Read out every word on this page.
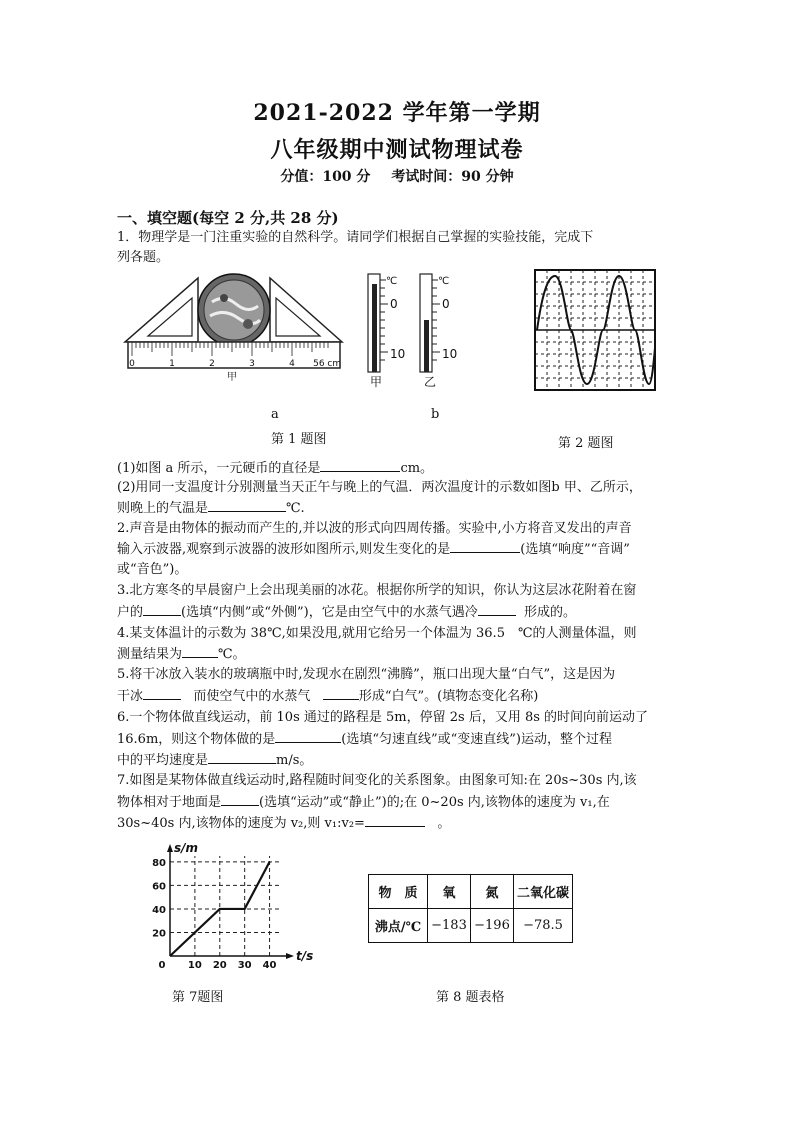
2021-2022 学年第一学期
八年级期中测试物理试卷
分值：100 分 考试时间：90 分钟
一、填空题(每空 2 分,共 28 分)
1．物理学是一门注重实验的自然科学。请同学们根据自己掌握的实验技能，完成下
列各题。
0	1	2	3	4 5 6 cm
甲
℃
0
10
℃
0
10
甲	乙
a	b
第 1 题图	第 2 题图
(1)如图 a 所示，一元硬币的直径是	cm。
(2)用同一支温度计分别测量当天正午与晚上的气温．两次温度计的示数如图b 甲、乙所示，
则晚上的气温是	℃.
2.声音是由物体的振动而产生的,并以波的形式向四周传播。实验中,小方将音叉发出的声音
输入示波器,观察到示波器的波形如图所示,则发生变化的是	(选填“响度”“音调”
或“音色”)。
3.北方寒冬的早晨窗户上会出现美丽的冰花。根据你所学的知识，你认为这层冰花附着在窗
户的	(选填“内侧”或“外侧”)，它是由空气中的水蒸气遇冷	形成的。
4.某支体温计的示数为 38℃,如果没甩,就用它给另一个体温为 36.5　℃的人测量体温，则
测量结果为	℃。
5.将干冰放入装水的玻璃瓶中时,发现水在剧烈“沸腾”，瓶口出现大量“白气”，这是因为
干冰	而使空气中的水蒸气	形成“白气”。(填物态变化名称)
6.一个物体做直线运动，前 10s 通过的路程是 5m，停留 2s 后，又用 8s 的时间向前运动了
16.6m，则这个物体做的是	(选填“匀速直线”或“变速直线”)运动，整个过程
中的平均速度是	m/s。
7.如图是某物体做直线运动时,路程随时间变化的关系图象。由图象可知:在 20s~30s 内,该
物体相对于地面是	(选填“运动”或“静止”)的;在 0~20s 内,该物体的速度为 v₁,在
30s~40s 内,该物体的速度为 v₂,则 v₁:v₂=	。
0 10 20 30 40
20
40
60
80
t/s
s/m
第 7题图
物　质	氧	氮	二氧化碳
沸点/℃	−183	−196	−78.5
第 8 题表格
